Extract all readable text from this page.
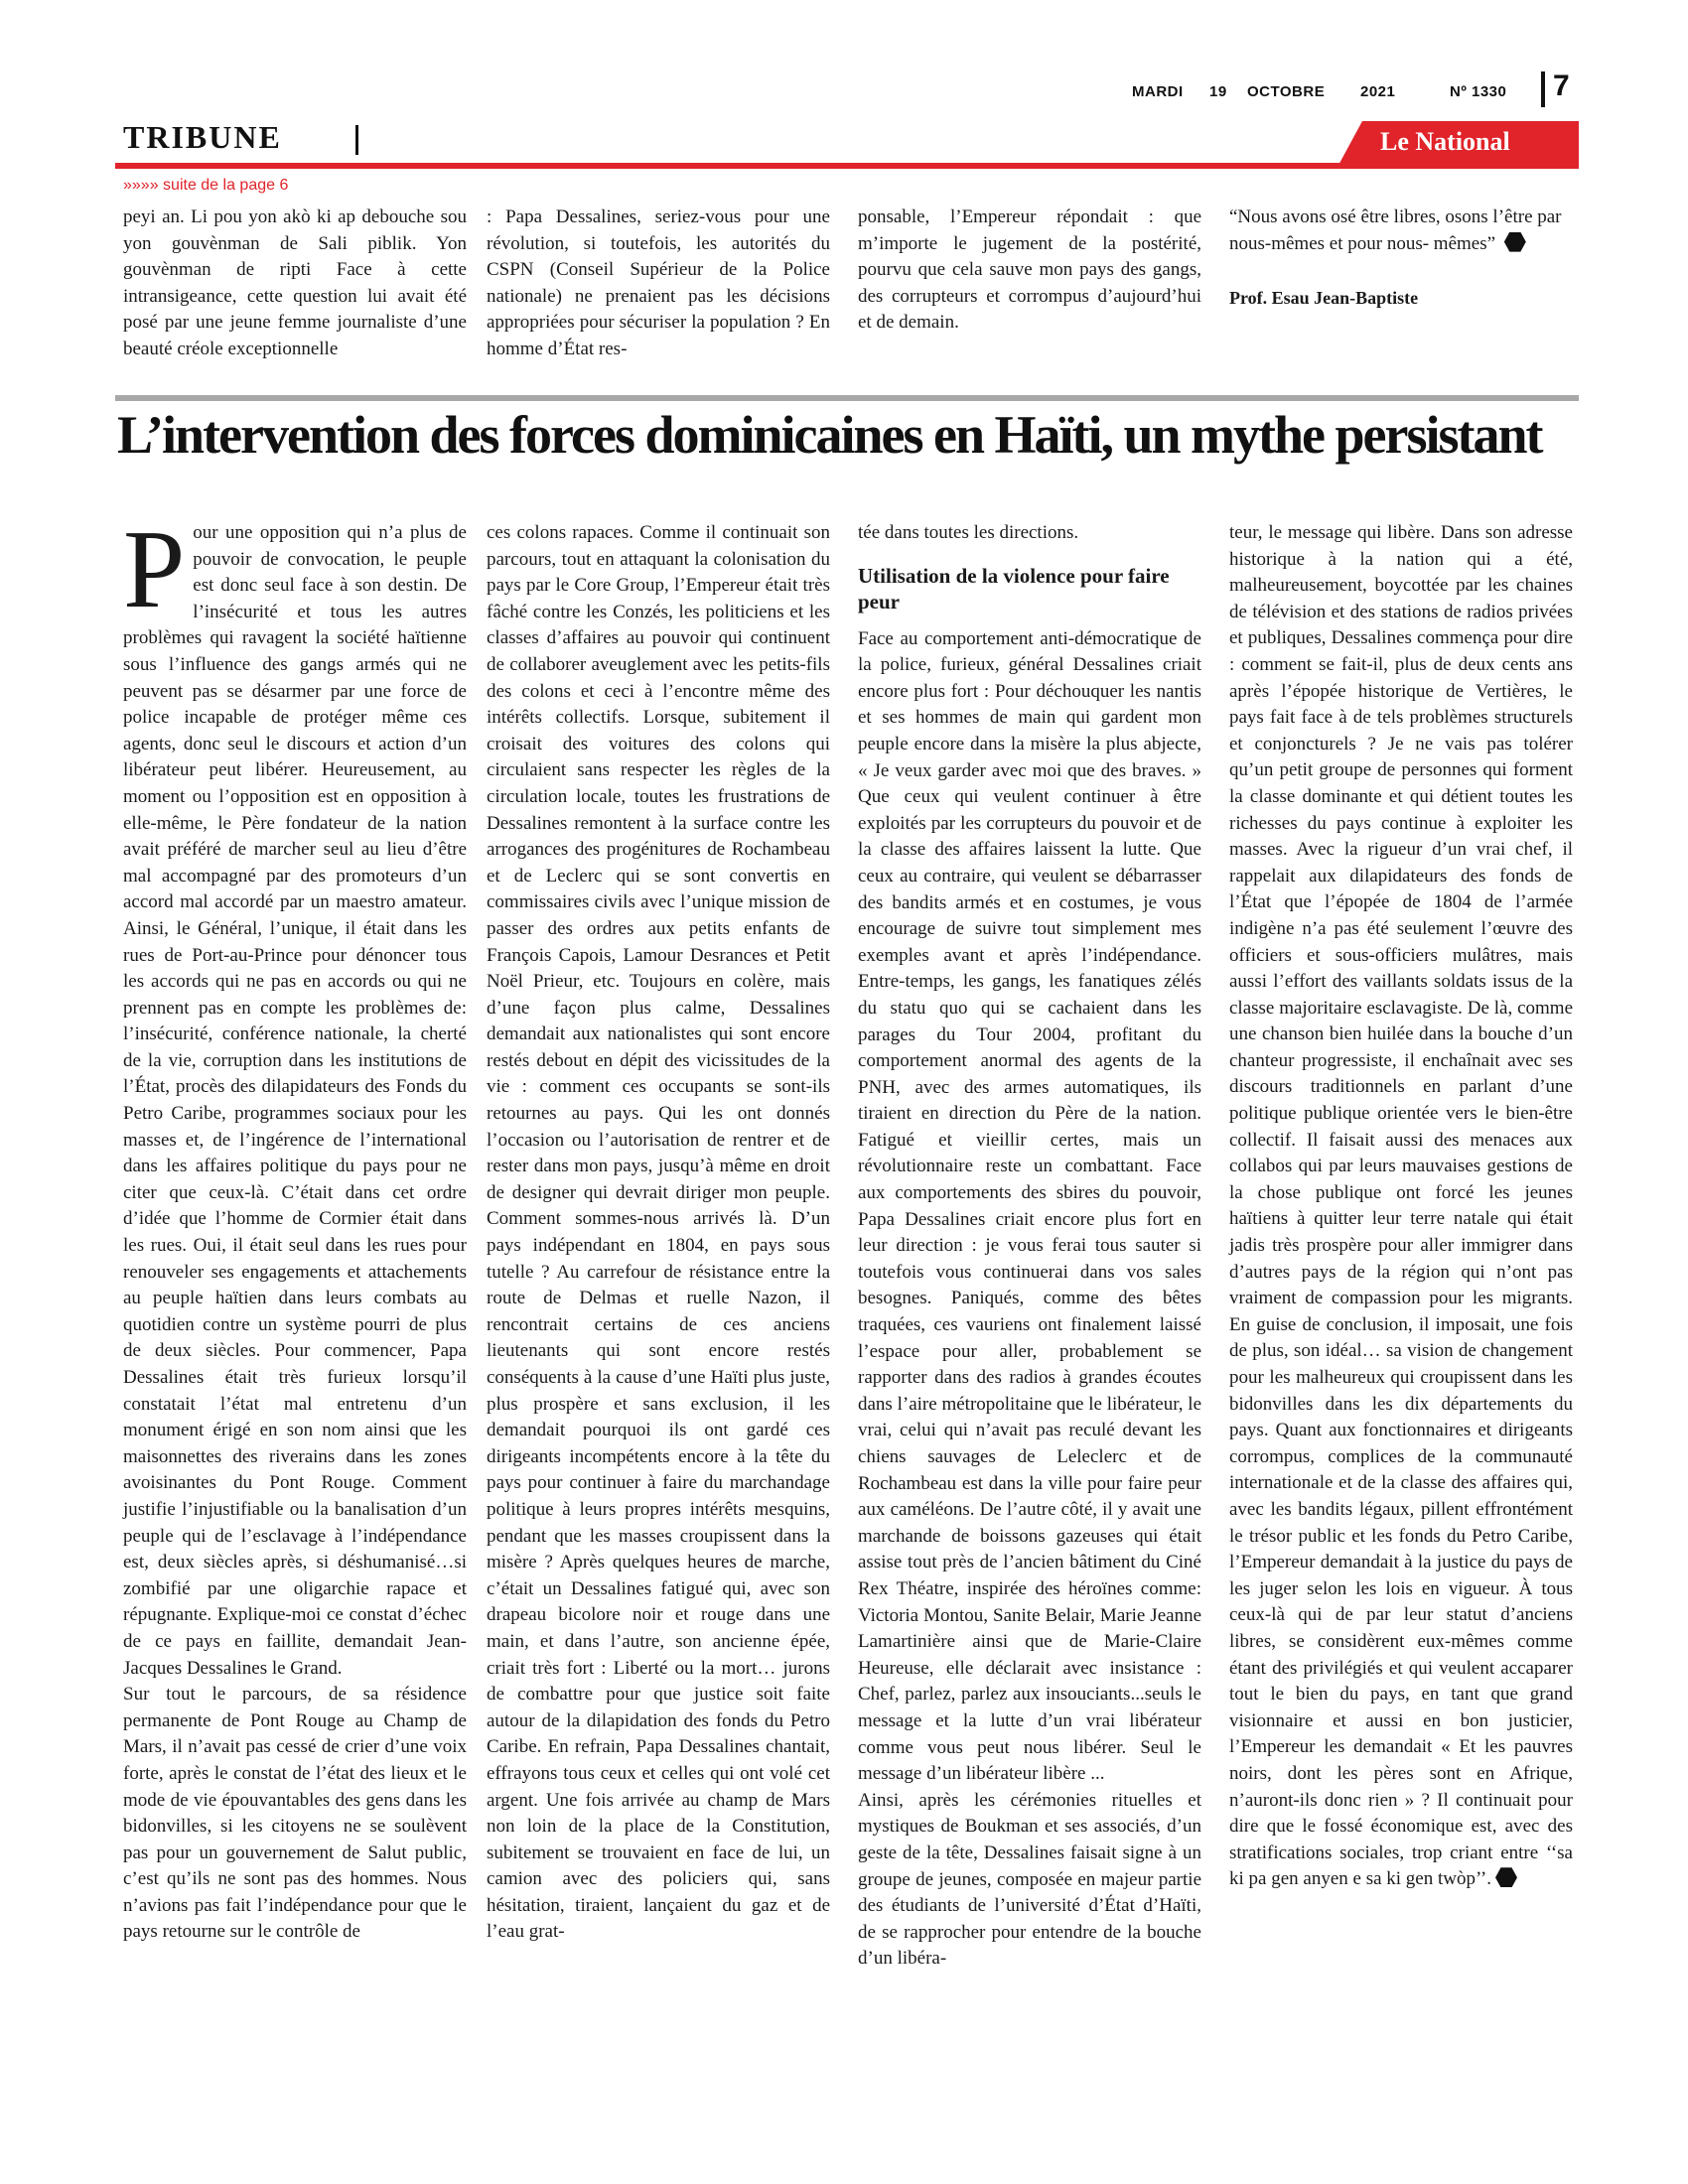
MARDI 19 OCTOBRE 2021	Nº 1330 7
TRIBUNE	Le National
»»»» suite de la page 6
peyi an. Li pou yon akò ki ap debouche sou yon gouvènman de Sali piblik. Yon gouvènman de ripti Face à cette intransigeance, cette question lui avait été posé par une jeune femme journaliste d’une beauté créole exceptionnelle
: Papa Dessalines, seriez-vous pour une révolution, si toutefois, les autorités du CSPN (Conseil Supérieur de la Police nationale) ne prenaient pas les décisions appropriées pour sécuriser la population ? En homme d’État res-
ponsable, l’Empereur répondait : que m’importe le jugement de la postérité, pourvu que cela sauve mon pays des gangs, des corrupteurs et corrompus d’aujourd’hui et de demain.
“Nous avons osé être libres, osons l’être par nous-mêmes et pour nous- mêmes”
Prof. Esau Jean-Baptiste
L’intervention des forces dominicaines en Haïti, un mythe persistant

Pour une opposition qui n’a plus de pouvoir de convocation, le peuple est donc seul face à son destin. De l’insécurité et tous les autres problèmes qui ravagent la société haïtienne sous l’influence des gangs armés qui ne peuvent pas se désarmer par une force de police incapable de protéger même ces agents, donc seul le discours et action d’un libérateur peut libérer. Heureusement, au moment ou l’opposition est en opposition à elle-même, le Père fondateur de la nation avait préféré de marcher seul au lieu d’être mal accompagné par des promoteurs d’un accord mal accordé par un maestro amateur. Ainsi, le Général, l’unique, il était dans les rues de Port-au-Prince pour dénoncer tous les accords qui ne pas en accords ou qui ne prennent pas en compte les problèmes de: l’insécurité, conférence nationale, la cherté de la vie, corruption dans les institutions de l’État, procès des dilapidateurs des Fonds du Petro Caribe, programmes sociaux pour les masses et, de l’ingérence de l’international dans les affaires politique du pays pour ne citer que ceux-là. C’était dans cet ordre d’idée que l’homme de Cormier était dans les rues. Oui, il était seul dans les rues pour renouveler ses engagements et attachements au peuple haïtien dans leurs combats au quotidien contre un système pourri de plus de deux siècles. Pour commencer, Papa Dessalines était très furieux lorsqu’il constatait l’état mal entretenu d’un monument érigé en son nom ainsi que les maisonnettes des riverains dans les zones avoisinantes du Pont Rouge. Comment justifie l’injustifiable ou la banalisation d’un peuple qui de l’esclavage à l’indépendance est, deux siècles après, si déshumanisé…si zombifié par une oligarchie rapace et répugnante. Explique-moi ce constat d’échec de ce pays en faillite, demandait Jean-Jacques Dessalines le Grand.

Sur tout le parcours, de sa résidence permanente de Pont Rouge au Champ de Mars, il n’avait pas cessé de crier d’une voix forte, après le constat de l’état des lieux et le mode de vie épouvantables des gens dans les bidonvilles, si les citoyens ne se soulèvent pas pour un gouvernement de Salut public, c’est qu’ils ne sont pas des hommes. Nous n’avions pas fait l’indépendance pour que le pays retourne sur le contrôle de

ces colons rapaces. Comme il continuait son parcours, tout en attaquant la colonisation du pays par le Core Group, l’Empereur était très fâché contre les Conzés, les politiciens et les classes d’affaires au pouvoir qui continuent de collaborer aveuglement avec les petits-fils des colons et ceci à l’encontre même des intérêts collectifs. Lorsque, subitement il croisait des voitures des colons qui circulaient sans respecter les règles de la circulation locale, toutes les frustrations de Dessalines remontent à la surface contre les arrogances des progénitures de Rochambeau et de Leclerc qui se sont convertis en commissaires civils avec l’unique mission de passer des ordres aux petits enfants de François Capois, Lamour Desrances et Petit Noël Prieur, etc. Toujours en colère, mais d’une façon plus calme, Dessalines demandait aux nationalistes qui sont encore restés debout en dépit des vicissitudes de la vie : comment ces occupants se sont-ils retournes au pays. Qui les ont donnés l’occasion ou l’autorisation de rentrer et de rester dans mon pays, jusqu’à même en droit de designer qui devrait diriger mon peuple. Comment sommes-nous arrivés là. D’un pays indépendant en 1804, en pays sous tutelle ? Au carrefour de résistance entre la route de Delmas et ruelle Nazon, il rencontrait certains de ces anciens lieutenants qui sont encore restés conséquents à la cause d’une Haïti plus juste, plus prospère et sans exclusion, il les demandait pourquoi ils ont gardé ces dirigeants incompétents encore à la tête du pays pour continuer à faire du marchandage politique à leurs propres intérêts mesquins, pendant que les masses croupissent dans la misère ? Après quelques heures de marche, c’était un Dessalines fatigué qui, avec son drapeau bicolore noir et rouge dans une main, et dans l’autre, son ancienne épée, criait très fort : Liberté ou la mort… jurons de combattre pour que justice soit faite autour de la dilapidation des fonds du Petro Caribe. En refrain, Papa Dessalines chantait, effrayons tous ceux et celles qui ont volé cet argent. Une fois arrivée au champ de Mars non loin de la place de la Constitution, subitement se trouvaient en face de lui, un camion avec des policiers qui, sans hésitation, tiraient, lançaient du gaz et de l’eau grat-

tée dans toutes les directions.

Utilisation de la violence pour faire peur

Face au comportement anti-démocratique de la police, furieux, général Dessalines criait encore plus fort : Pour déchouquer les nantis et ses hommes de main qui gardent mon peuple encore dans la misère la plus abjecte, « Je veux garder avec moi que des braves. » Que ceux qui veulent continuer à être exploités par les corrupteurs du pouvoir et de la classe des affaires laissent la lutte. Que ceux au contraire, qui veulent se débarrasser des bandits armés et en costumes, je vous encourage de suivre tout simplement mes exemples avant et après l’indépendance. Entre-temps, les gangs, les fanatiques zélés du statu quo qui se cachaient dans les parages du Tour 2004, profitant du comportement anormal des agents de la PNH, avec des armes automatiques, ils tiraient en direction du Père de la nation. Fatigué et vieillir certes, mais un révolutionnaire reste un combattant. Face aux comportements des sbires du pouvoir, Papa Dessalines criait encore plus fort en leur direction : je vous ferai tous sauter si toutefois vous continuerai dans vos sales besognes. Paniqués, comme des bêtes traquées, ces vauriens ont finalement laissé l’espace pour aller, probablement se rapporter dans des radios à grandes écoutes dans l’aire métropolitaine que le libérateur, le vrai, celui qui n’avait pas reculé devant les chiens sauvages de Leleclerc et de Rochambeau est dans la ville pour faire peur aux caméléons. De l’autre côté, il y avait une marchande de boissons gazeuses qui était assise tout près de l’ancien bâtiment du Ciné Rex Théatre, inspirée des héroïnes comme: Victoria Montou, Sanite Belair, Marie Jeanne Lamartinière ainsi que de Marie-Claire Heureuse, elle déclarait avec insistance : Chef, parlez, parlez aux insouciants...seuls le message et la lutte d’un vrai libérateur comme vous peut nous libérer. Seul le message d’un libérateur libère ...

Ainsi, après les cérémonies rituelles et mystiques de Boukman et ses associés, d’un geste de la tête, Dessalines faisait signe à un groupe de jeunes, composée en majeur partie des étudiants de l’université d’État d’Haïti, de se rapprocher pour entendre de la bouche d’un libéra-

teur, le message qui libère. Dans son adresse historique à la nation qui a été, malheureusement, boycottée par les chaines de télévision et des stations de radios privées et publiques, Dessalines commença pour dire : comment se fait-il, plus de deux cents ans après l’épopée historique de Vertières, le pays fait face à de tels problèmes structurels et conjoncturels ? Je ne vais pas tolérer qu’un petit groupe de personnes qui forment la classe dominante et qui détient toutes les richesses du pays continue à exploiter les masses. Avec la rigueur d’un vrai chef, il rappelait aux dilapidateurs des fonds de l’État que l’épopée de 1804 de l’armée indigène n’a pas été seulement l’œuvre des officiers et sous-officiers mulâtres, mais aussi l’effort des vaillants soldats issus de la classe majoritaire esclavagiste. De là, comme une chanson bien huilée dans la bouche d’un chanteur progressiste, il enchaînait avec ses discours traditionnels en parlant d’une politique publique orientée vers le bien-être collectif. Il faisait aussi des menaces aux collabos qui par leurs mauvaises gestions de la chose publique ont forcé les jeunes haïtiens à quitter leur terre natale qui était jadis très prospère pour aller immigrer dans d’autres pays de la région qui n’ont pas vraiment de compassion pour les migrants. En guise de conclusion, il imposait, une fois de plus, son idéal… sa vision de changement pour les malheureux qui croupissent dans les bidonvilles dans les dix départements du pays. Quant aux fonctionnaires et dirigeants corrompus, complices de la communauté internationale et de la classe des affaires qui, avec les bandits légaux, pillent effrontément le trésor public et les fonds du Petro Caribe, l’Empereur demandait à la justice du pays de les juger selon les lois en vigueur. À tous ceux-là qui de par leur statut d’anciens libres, se considèrent eux-mêmes comme étant des privilégiés et qui veulent accaparer tout le bien du pays, en tant que grand visionnaire et aussi en bon justicier, l’Empereur les demandait « Et les pauvres noirs, dont les pères sont en Afrique, n’auront-ils donc rien » ? Il continuait pour dire que le fossé économique est, avec des stratifications sociales, trop criant entre ‘‘sa ki pa gen anyen e sa ki gen twòp’’.
